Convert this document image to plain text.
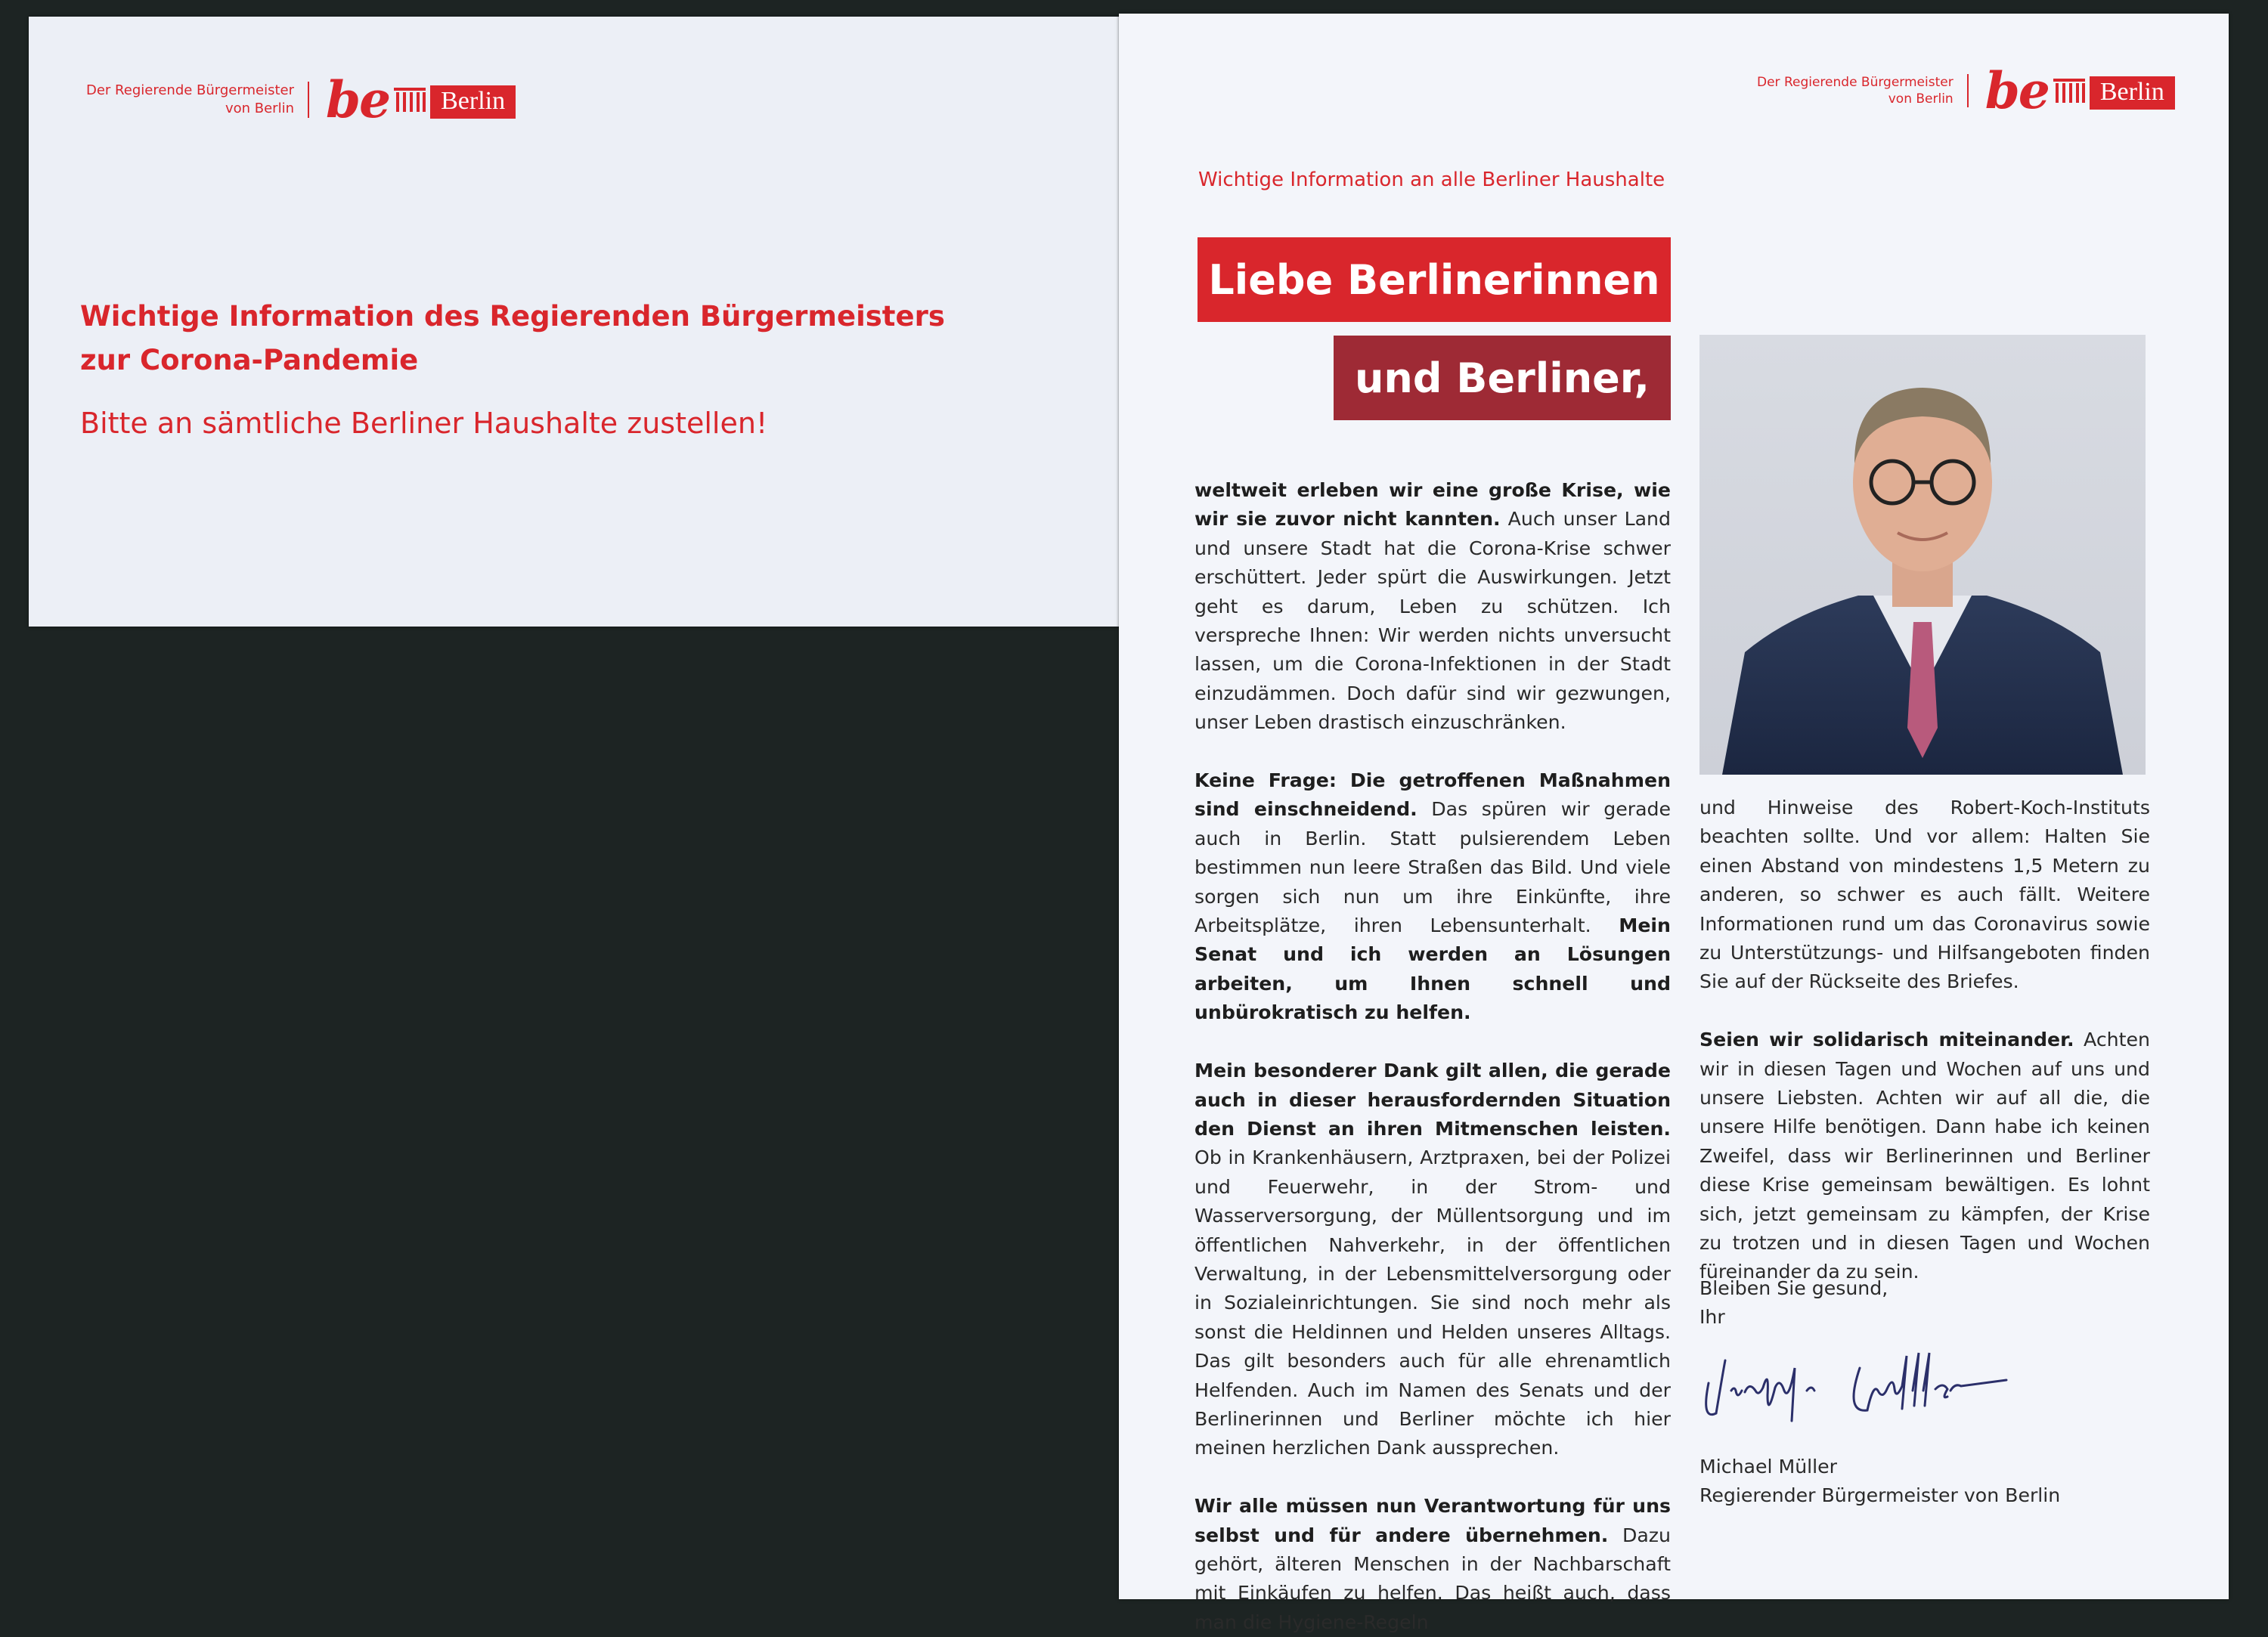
Der Regierende Bürgermeister
von Berlin be	Berlin
Wichtige Information des Regierenden Bürgermeisters
zur Corona-Pandemie
Bitte an sämtliche Berliner Haushalte zustellen!
Der Regierende Bürgermeister
von Berlin be	Berlin
Wichtige Information an alle Berliner Haushalte
Liebe Berlinerinnen
und Berliner,

weltweit erleben wir eine große Krise, wie wir sie zuvor nicht kannten. Auch unser Land und unsere Stadt hat die Corona-Krise schwer erschüttert. Jeder spürt die Auswirkungen. Jetzt geht es darum, Leben zu schützen. Ich verspreche Ihnen: Wir werden nichts unversucht lassen, um die Corona-Infektionen in der Stadt einzudämmen. Doch dafür sind wir gezwungen, unser Leben drastisch einzuschränken.

Keine Frage: Die getroffenen Maßnahmen sind einschneidend. Das spüren wir gerade auch in Berlin. Statt pulsierendem Leben bestimmen nun leere Straßen das Bild. Und viele sorgen sich nun um ihre Einkünfte, ihre Arbeitsplätze, ihren Lebensunterhalt. Mein Senat und ich werden an Lösungen arbeiten, um Ihnen schnell und unbürokratisch zu helfen.

Mein besonderer Dank gilt allen, die gerade auch in dieser herausfordernden Situation den Dienst an ihren Mitmenschen leisten. Ob in Krankenhäusern, Arztpraxen, bei der Polizei und Feuerwehr, in der Strom- und Wasserversorgung, der Müllentsorgung und im öffentlichen Nahverkehr, in der öffentlichen Verwaltung, in der Lebensmittelversorgung oder in Sozialeinrichtungen. Sie sind noch mehr als sonst die Heldinnen und Helden unseres Alltags. Das gilt besonders auch für alle ehrenamtlich Helfenden. Auch im Namen des Senats und der Berlinerinnen und Berliner möchte ich hier meinen herzlichen Dank aussprechen.

Wir alle müssen nun Verantwortung für uns selbst und für andere übernehmen. Dazu gehört, älteren Menschen in der Nachbarschaft mit Einkäufen zu helfen. Das heißt auch, dass man die Hygiene-Regeln

und Hinweise des Robert-Koch-Instituts beachten sollte. Und vor allem: Halten Sie einen Abstand von mindestens 1,5 Metern zu anderen, so schwer es auch fällt. Weitere Informationen rund um das Coronavirus sowie zu Unterstützungs- und Hilfsangeboten finden Sie auf der Rückseite des Briefes.

Seien wir solidarisch miteinander. Achten wir in diesen Tagen und Wochen auf uns und unsere Liebsten. Achten wir auf all die, die unsere Hilfe benötigen. Dann habe ich keinen Zweifel, dass wir Berlinerinnen und Berliner diese Krise gemeinsam bewältigen. Es lohnt sich, jetzt gemeinsam zu kämpfen, der Krise zu trotzen und in diesen Tagen und Wochen füreinander da zu sein.

Bleiben Sie gesund,
Ihr
Michael Müller
Regierender Bürgermeister von Berlin
